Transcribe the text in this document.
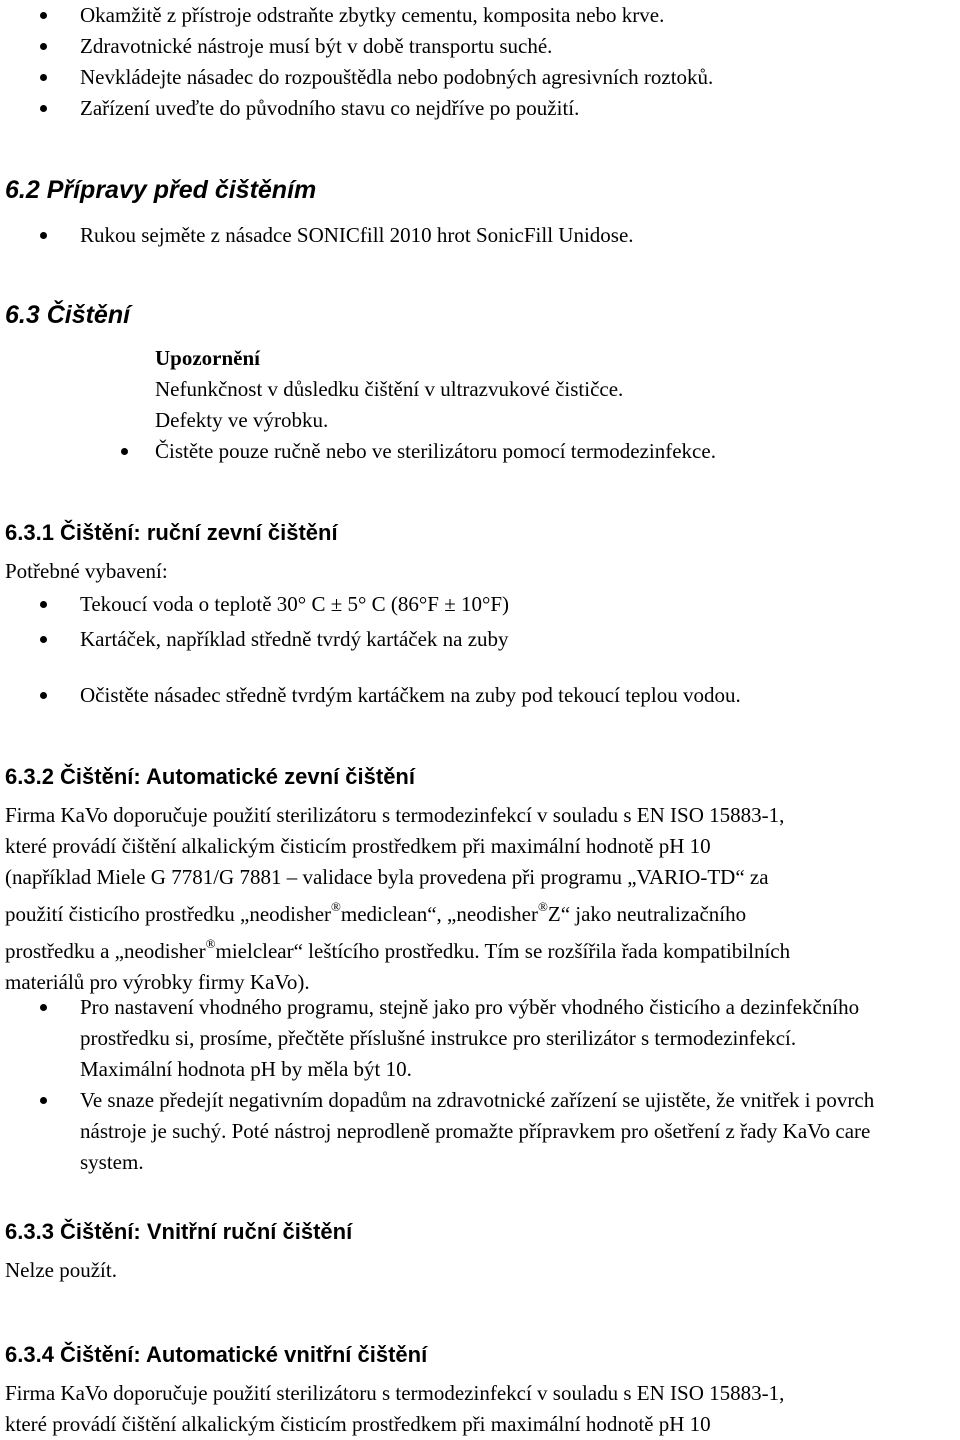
Okamžitě z přístroje odstraňte zbytky cementu, komposita nebo krve.
Zdravotnické nástroje musí být v době transportu suché.
Nevkládejte násadec do rozpouštědla nebo podobných agresivních roztoků.
Zařízení uveďte do původního stavu co nejdříve po použití.
6.2 Přípravy před čištěním
Rukou sejměte z násadce SONICfill 2010 hrot SonicFill Unidose.
6.3 Čištění
Upozornění
Nefunkčnost v důsledku čištění v ultrazvukové čističce.
Defekty ve výrobku.
Čistěte pouze ručně nebo ve sterilizátoru pomocí termodezinfekce.
6.3.1 Čištění: ruční zevní čištění
Potřebné vybavení:
Tekoucí voda o teplotě 30° C ± 5° C (86°F ± 10°F)
Kartáček, například středně tvrdý kartáček na zuby
Očistěte násadec středně tvrdým kartáčkem na zuby pod tekoucí teplou vodou.
6.3.2 Čištění: Automatické zevní čištění
Firma KaVo doporučuje použití sterilizátoru s termodezinfekcí v souladu s EN ISO 15883-1,
které provádí čištění alkalickým čisticím prostředkem při maximální hodnotě pH 10
(například Miele G 7781/G 7881 – validace byla provedena při programu „VARIO-TD“ za
použití čisticího prostředku „neodisher®mediclean“, „neodisher®Z“ jako neutralizačního
prostředku a „neodisher®mielclear“ leštícího prostředku. Tím se rozšířila řada kompatibilních
materiálů pro výrobky firmy KaVo).
Pro nastavení vhodného programu, stejně jako pro výběr vhodného čisticího a dezinfekčního prostředku si, prosíme, přečtěte příslušné instrukce pro sterilizátor s termodezinfekcí. Maximální hodnota pH by měla být 10.
Ve snaze předejít negativním dopadům na zdravotnické zařízení se ujistěte, že vnitřek i povrch nástroje je suchý. Poté nástroj neprodleně promažte přípravkem pro ošetření z řady KaVo care system.
6.3.3 Čištění: Vnitřní ruční čištění
Nelze použít.
6.3.4 Čištění: Automatické vnitřní čištění
Firma KaVo doporučuje použití sterilizátoru s termodezinfekcí v souladu s EN ISO 15883-1,
které provádí čištění alkalickým čisticím prostředkem při maximální hodnotě pH 10
